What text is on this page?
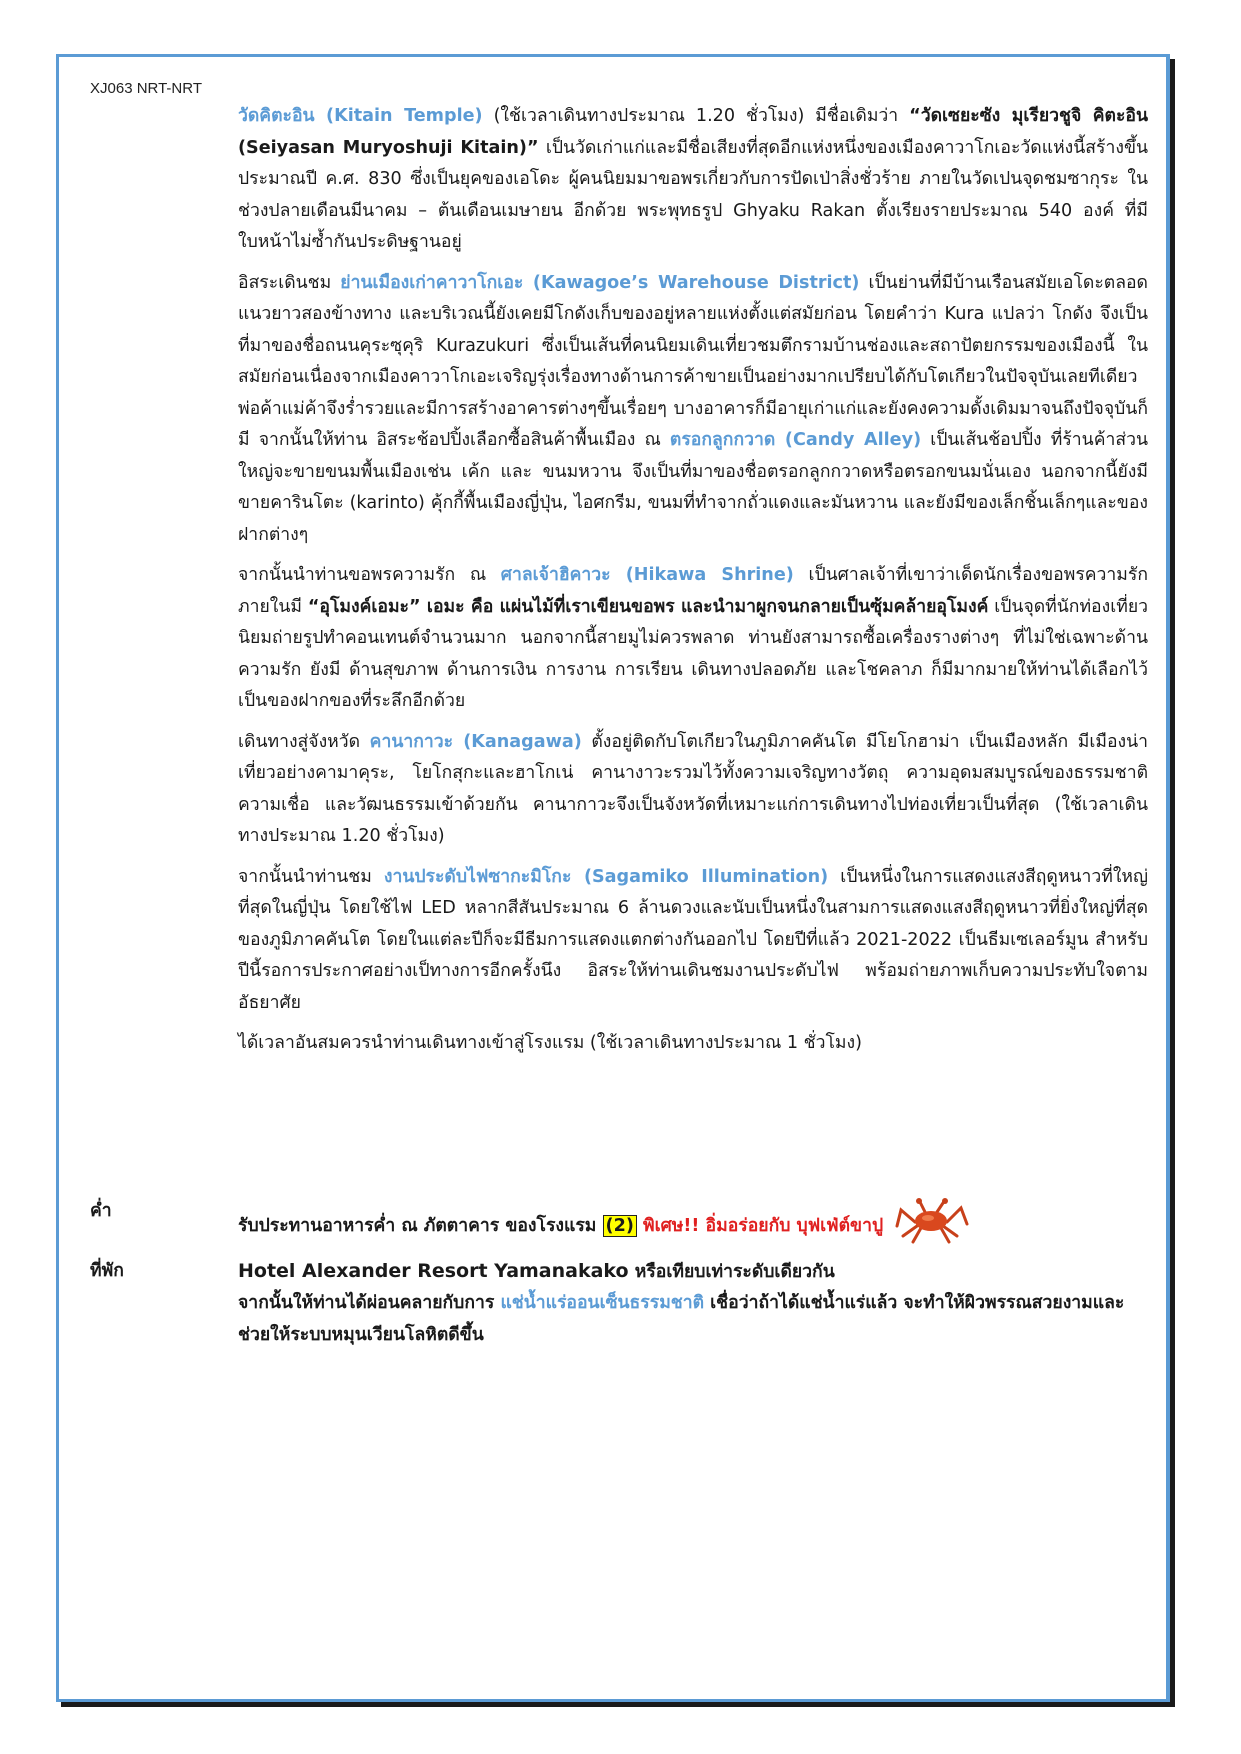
XJ063 NRT-NRT

วัดคิตะอิน (Kitain Temple) (ใช้เวลาเดินทางประมาณ 1.20 ชั่วโมง) มีชื่อเดิมว่า “วัดเซยะซัง มุเรียวชูจิ คิตะอิน (Seiyasan Muryoshuji Kitain)” เป็นวัดเก่าแก่และมีชื่อเสียงที่สุดอีกแห่งหนึ่งของเมืองคาวาโกเอะวัดแห่งนี้สร้างขึ้นประมาณปี ค.ศ. 830 ซึ่งเป็นยุคของเอโดะ ผู้คนนิยมมาขอพรเกี่ยวกับการปัดเป่าสิ่งชั่วร้าย ภายในวัดเปนจุดชมซากุระ ในช่วงปลายเดือนมีนาคม – ต้นเดือนเมษายน อีกด้วย พระพุทธรูป Ghyaku Rakan ตั้งเรียงรายประมาณ 540 องค์ ที่มีใบหน้าไม่ซ้ำกันประดิษฐานอยู่

อิสระเดินชม ย่านเมืองเก่าคาวาโกเอะ (Kawagoe’s Warehouse District) เป็นย่านที่มีบ้านเรือนสมัยเอโดะตลอดแนวยาวสองข้างทาง และบริเวณนี้ยังเคยมีโกดังเก็บของอยู่หลายแห่งตั้งแต่สมัยก่อน โดยคำว่า Kura แปลว่า โกดัง จึงเป็นที่มาของชื่อถนนคุระซุคุริ Kurazukuri ซึ่งเป็นเส้นที่คนนิยมเดินเที่ยวชมตึกรามบ้านช่องและสถาปัตยกรรมของเมืองนี้ ในสมัยก่อนเนื่องจากเมืองคาวาโกเอะเจริญรุ่งเรื่องทางด้านการค้าขายเป็นอย่างมากเปรียบได้กับโตเกียวในปัจจุบันเลยทีเดียว พ่อค้าแม่ค้าจึงร่ำรวยและมีการสร้างอาคารต่างๆขึ้นเรื่อยๆ บางอาคารก็มีอายุเก่าแก่และยังคงความดั้งเดิมมาจนถึงปัจจุบันก็มี จากนั้นให้ท่าน อิสระช้อปปิ้งเลือกซื้อสินค้าพื้นเมือง ณ ตรอกลูกกวาด (Candy Alley) เป็นเส้นช้อปปิ้ง ที่ร้านค้าส่วนใหญ่จะขายขนมพื้นเมืองเช่น เค้ก และ ขนมหวาน จึงเป็นที่มาของชื่อตรอกลูกกวาดหรือตรอกขนมนั่นเอง นอกจากนี้ยังมีขายคารินโตะ (karinto) คุ้กกี้พื้นเมืองญี่ปุ่น, ไอศกรีม, ขนมที่ทำจากถั่วแดงและมันหวาน และยังมีของเล็กชิ้นเล็กๆและของฝากต่างๆ

จากนั้นนำท่านขอพรความรัก ณ ศาลเจ้าฮิคาวะ (Hikawa Shrine) เป็นศาลเจ้าที่เขาว่าเด็ดนักเรื่องขอพรความรัก ภายในมี “อุโมงค์เอมะ” เอมะ คือ แผ่นไม้ที่เราเขียนขอพร และนำมาผูกจนกลายเป็นซุ้มคล้ายอุโมงค์ เป็นจุดที่นักท่องเที่ยวนิยมถ่ายรูปทำคอนเทนต์จำนวนมาก นอกจากนี้สายมูไม่ควรพลาด ท่านยังสามารถซื้อเครื่องรางต่างๆ ที่ไม่ใช่เฉพาะด้านความรัก ยังมี ด้านสุขภาพ ด้านการเงิน การงาน การเรียน เดินทางปลอดภัย และโชคลาภ ก็มีมากมายให้ท่านได้เลือกไว้เป็นของฝากของที่ระลึกอีกด้วย

เดินทางสู่จังหวัด คานากาวะ (Kanagawa) ตั้งอยู่ติดกับโตเกียวในภูมิภาคคันโต มีโยโกฮาม่า เป็นเมืองหลัก มีเมืองน่าเที่ยวอย่างคามาคุระ, โยโกสุกะและฮาโกเน่ คานางาวะรวมไว้ทั้งความเจริญทางวัตถุ ความอุดมสมบูรณ์ของธรรมชาติ ความเชื่อ และวัฒนธรรมเข้าด้วยกัน คานากาวะจึงเป็นจังหวัดที่เหมาะแก่การเดินทางไปท่องเที่ยวเป็นที่สุด (ใช้เวลาเดินทางประมาณ 1.20 ชั่วโมง)

จากนั้นนำท่านชม งานประดับไฟซากะมิโกะ (Sagamiko Illumination) เป็นหนึ่งในการแสดงแสงสีฤดูหนาวที่ใหญ่ที่สุดในญี่ปุ่น โดยใช้ไฟ LED หลากสีสันประมาณ 6 ล้านดวงและนับเป็นหนึ่งในสามการแสดงแสงสีฤดูหนาวที่ยิ่งใหญ่ที่สุดของภูมิภาคคันโต โดยในแต่ละปีก็จะมีธีมการแสดงแตกต่างกันออกไป โดยปีที่แล้ว 2021-2022 เป็นธีมเซเลอร์มูน สำหรับปีนี้รอการประกาศอย่างเป็ทางการอีกครั้งนึง อิสระให้ท่านเดินชมงานประดับไฟ พร้อมถ่ายภาพเก็บความประทับใจตามอัธยาศัย

ได้เวลาอันสมควรนำท่านเดินทางเข้าสู่โรงแรม (ใช้เวลาเดินทางประมาณ 1 ชั่วโมง)

ค่ำ
รับประทานอาหารค่ำ ณ ภัตตาคาร ของโรงแรม (2) พิเศษ!! อิ่มอร่อยกับ บุฟเฟ่ต์ขาปู
ที่พัก	Hotel Alexander Resort Yamanakako หรือเทียบเท่าระดับเดียวกัน
จากนั้นให้ท่านได้ผ่อนคลายกับการ แช่น้ำแร่ออนเซ็นธรรมชาติ เชื่อว่าถ้าได้แช่น้ำแร่แล้ว จะทำให้ผิวพรรณสวยงามและช่วยให้ระบบหมุนเวียนโลหิตดีขึ้น
